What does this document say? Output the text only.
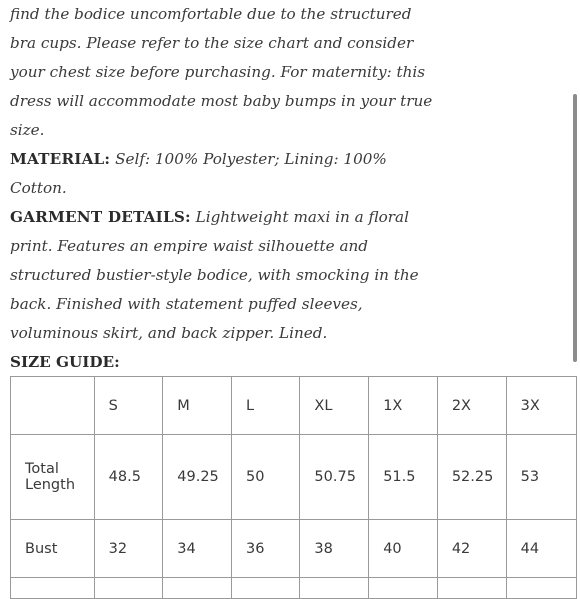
find the bodice uncomfortable due to the structured
bra cups. Please refer to the size chart and consider
your chest size before purchasing. For maternity: this
dress will accommodate most baby bumps in your true
size.

MATERIAL: Self: 100% Polyester; Lining: 100%
Cotton.

GARMENT DETAILS: Lightweight maxi in a floral
print. Features an empire waist silhouette and
structured bustier-style bodice, with smocking in the
back. Finished with statement puffed sleeves,
voluminous skirt, and back zipper. Lined.

SIZE GUIDE:

	S	M	L	XL	1X	2X	3X
Total
Length	48.5	49.25	50	50.75	51.5	52.25	53
Bust	32	34	36	38	40	42	44
